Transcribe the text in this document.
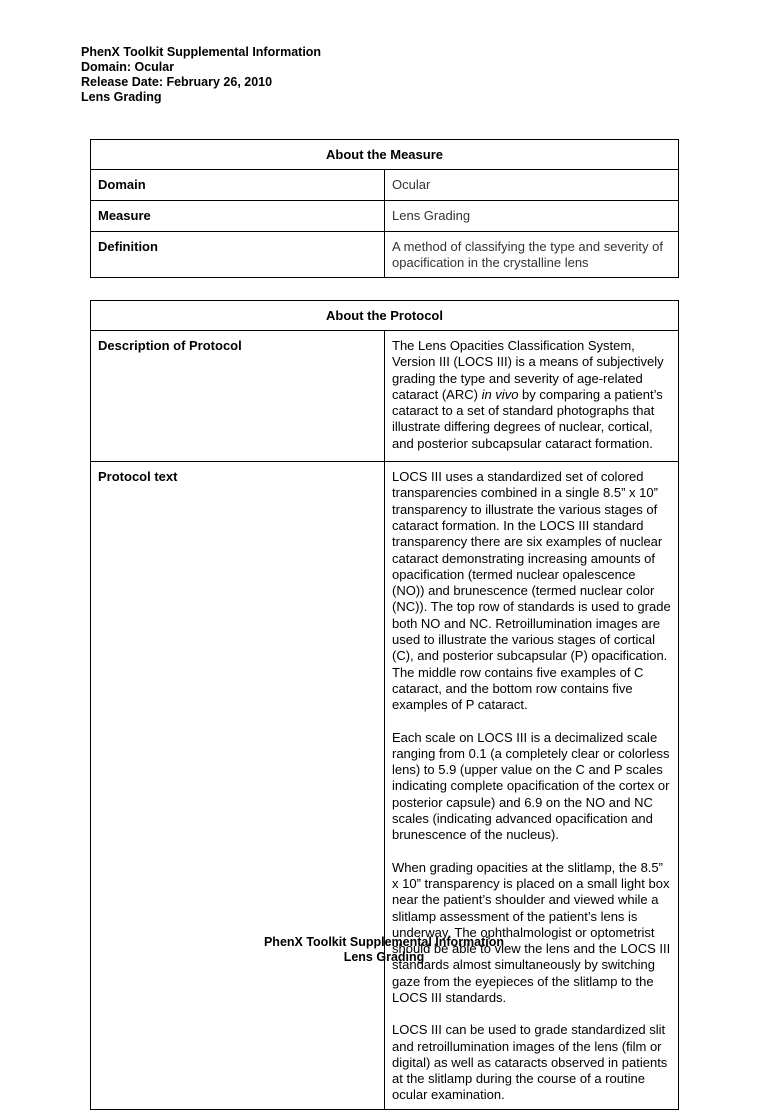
PhenX Toolkit Supplemental Information
Domain: Ocular
Release Date: February 26, 2010
Lens Grading
About the Measure	
Domain	Ocular
Measure	Lens Grading
Definition	A method of classifying the type and severity of opacification in the crystalline lens
About the Protocol	
Description of Protocol	The Lens Opacities Classification System, Version III (LOCS III) is a means of subjectively grading the type and severity of age-related cataract (ARC) in vivo by comparing a patient’s cataract to a set of standard photographs that illustrate differing degrees of nuclear, cortical, and posterior subcapsular cataract formation.
Protocol text	LOCS III uses a standardized set of colored transparencies combined in a single 8.5” x 10” transparency to illustrate the various stages of cataract formation. In the LOCS III standard transparency there are six examples of nuclear cataract demonstrating increasing amounts of opacification (termed nuclear opalescence (NO)) and brunescence (termed nuclear color (NC)). The top row of standards is used to grade both NO and NC. Retroillumination images are used to illustrate the various stages of cortical (C), and posterior subcapsular (P) opacification. The middle row contains five examples of C cataract, and the bottom row contains five examples of P cataract.

Each scale on LOCS III is a decimalized scale ranging from 0.1 (a completely clear or colorless lens) to 5.9 (upper value on the C and P scales indicating complete opacification of the cortex or posterior capsule) and 6.9 on the NO and NC scales (indicating advanced opacification and brunescence of the nucleus).

When grading opacities at the slitlamp, the 8.5” x 10” transparency is placed on a small light box near the patient’s shoulder and viewed while a slitlamp assessment of the patient’s lens is underway. The ophthalmologist or optometrist should be able to view the lens and the LOCS III standards almost simultaneously by switching gaze from the eyepieces of the slitlamp to the LOCS III standards.

LOCS III can be used to grade standardized slit and retroillumination images of the lens (film or digital) as well as cataracts observed in patients at the slitlamp during the course of a routine ocular examination.

PhenX Toolkit Supplemental Information
Lens Grading
